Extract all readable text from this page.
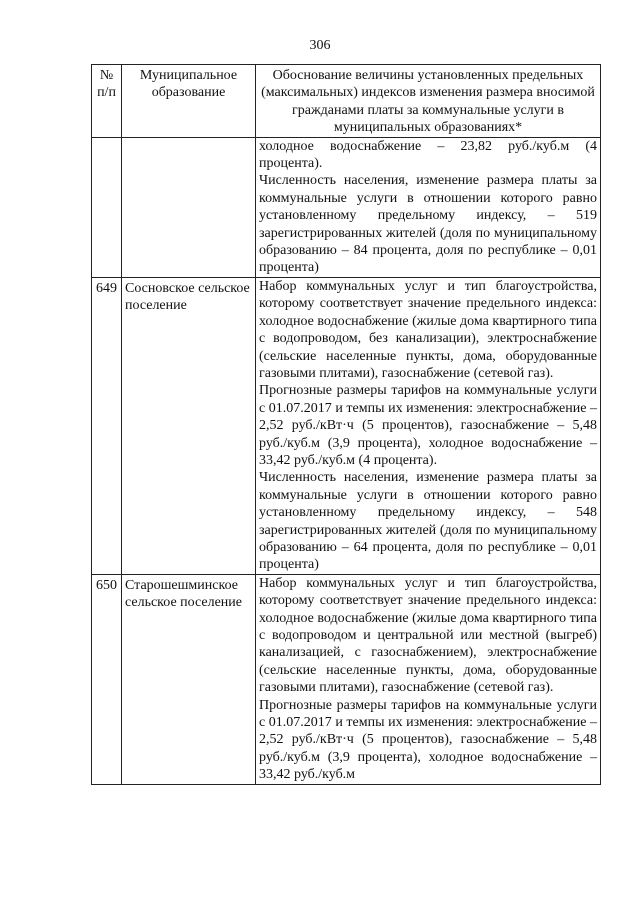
306
№ п/п	Муниципальное образование	Обоснование величины установленных предельных (максимальных) индексов изменения размера вносимой гражданами платы за коммунальные услуги в муниципальных образованиях*

		холодное водоснабжение – 23,82 руб./куб.м (4 процента).

Численность населения, изменение размера платы за коммунальные услуги в отношении которого равно установленному предельному индексу, – 519 зарегистрированных жителей (доля по муниципальному образованию – 84 процента, доля по республике – 0,01 процента)

649	Сосновское сельское поселение	Набор коммунальных услуг и тип благоустройства, которому соответствует значение предельного индекса: холодное водоснабжение (жилые дома квартирного типа с водопроводом, без канализации), электроснабжение (сельские населенные пункты, дома, оборудованные газовыми плитами), газоснабжение (сетевой газ).

Прогнозные размеры тарифов на коммунальные услуги с 01.07.2017 и темпы их изменения: электроснабжение – 2,52 руб./кВт·ч (5 процентов), газоснабжение – 5,48 руб./куб.м (3,9 процента), холодное водоснабжение – 33,42 руб./куб.м (4 процента).

Численность населения, изменение размера платы за коммунальные услуги в отношении которого равно установленному предельному индексу, – 548 зарегистрированных жителей (доля по муниципальному образованию – 64 процента, доля по республике – 0,01 процента)

650	Старошешминское сельское поселение	Набор коммунальных услуг и тип благоустройства, которому соответствует значение предельного индекса: холодное водоснабжение (жилые дома квартирного типа с водопроводом и центральной или местной (выгреб) канализацией, с газоснабжением), электроснабжение (сельские населенные пункты, дома, оборудованные газовыми плитами), газоснабжение (сетевой газ).

Прогнозные размеры тарифов на коммунальные услуги с 01.07.2017 и темпы их изменения: электроснабжение – 2,52 руб./кВт·ч (5 процентов), газоснабжение – 5,48 руб./куб.м (3,9 процента), холодное водоснабжение – 33,42 руб./куб.м
